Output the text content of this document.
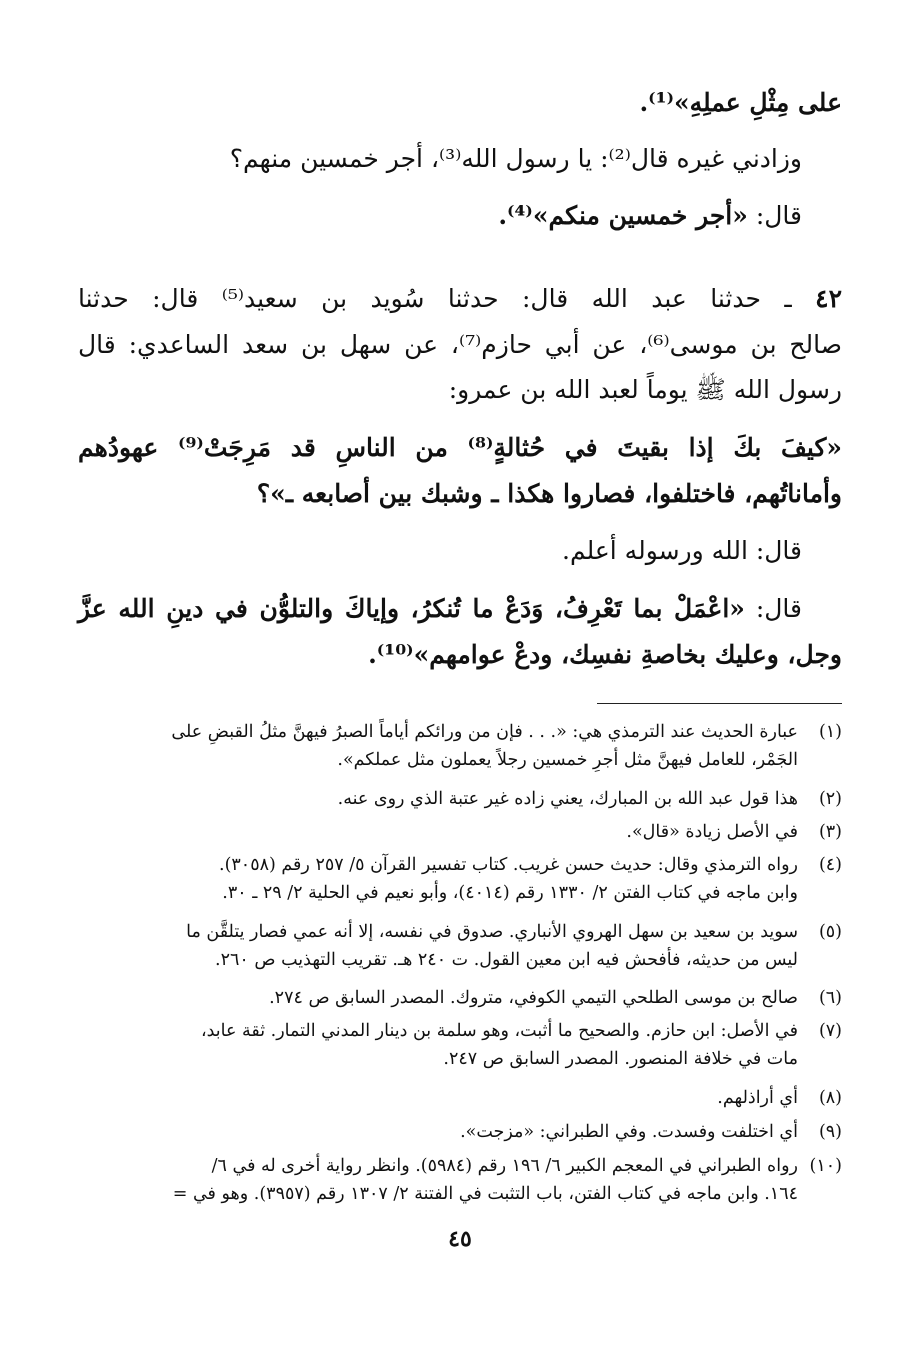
على مِثْلِ عملِهِ»⁽¹⁾.
وزادني غيره قال⁽²⁾: يا رسول الله⁽³⁾، أجر خمسين منهم؟
قال: «أجر خمسين منكم»⁽⁴⁾.
٤٢ ـ حدثنا عبد الله قال: حدثنا سُويد بن سعيد⁽⁵⁾ قال: حدثنا
صالح بن موسى⁽⁶⁾، عن أبي حازم⁽⁷⁾، عن سهل بن سعد الساعدي: قال
رسول الله ﷺ يوماً لعبد الله بن عمرو:
«كيفَ بكَ إذا بقيتَ في حُثالةٍ⁽⁸⁾ من الناسِ قد مَرِجَتْ⁽⁹⁾ عهودُهم
وأماناتُهم، فاختلفوا، فصاروا هكذا ـ وشبك بين أصابعه ـ»؟
قال: الله ورسوله أعلم.
قال: «اعْمَلْ بما تَعْرِفُ، وَدَعْ ما تُنكرُ، وإياكَ والتلوُّن في دينِ الله عزَّ
وجل، وعليك بخاصةِ نفسِك، ودعْ عوامهم»⁽¹⁰⁾.
(١)عبارة الحديث عند الترمذي هي: «. . . فإن من ورائكم أياماً الصبرُ فيهنَّ مثلُ القبضِ على
الجَمْر، للعامل فيهنَّ مثل أجرِ خمسين رجلاً يعملون مثل عملكم».
(٢)هذا قول عبد الله بن المبارك، يعني زاده غير عتبة الذي روى عنه.
(٣)في الأصل زيادة «قال».
(٤)رواه الترمذي وقال: حديث حسن غريب. كتاب تفسير القرآن ٥/ ٢٥٧ رقم (٣٠٥٨).
وابن ماجه في كتاب الفتن ٢/ ١٣٣٠ رقم (٤٠١٤)، وأبو نعيم في الحلية ٢/ ٢٩ ـ ٣٠.
(٥)سويد بن سعيد بن سهل الهروي الأنباري. صدوق في نفسه، إلا أنه عمي فصار يتلقَّن ما
ليس من حديثه، فأفحش فيه ابن معين القول. ت ٢٤٠ هـ. تقريب التهذيب ص ٢٦٠.
(٦)صالح بن موسى الطلحي التيمي الكوفي، متروك. المصدر السابق ص ٢٧٤.
(٧)في الأصل: ابن حازم. والصحيح ما أثبت، وهو سلمة بن دينار المدني التمار. ثقة عابد،
مات في خلافة المنصور. المصدر السابق ص ٢٤٧.
(٨)أي أراذلهم.
(٩)أي اختلفت وفسدت. وفي الطبراني: «مزجت».
(١٠)رواه الطبراني في المعجم الكبير ٦/ ١٩٦ رقم (٥٩٨٤). وانظر رواية أخرى له في ٦/
١٦٤. وابن ماجه في كتاب الفتن، باب التثبت في الفتنة ٢/ ١٣٠٧ رقم (٣٩٥٧). وهو في =
٤٥
